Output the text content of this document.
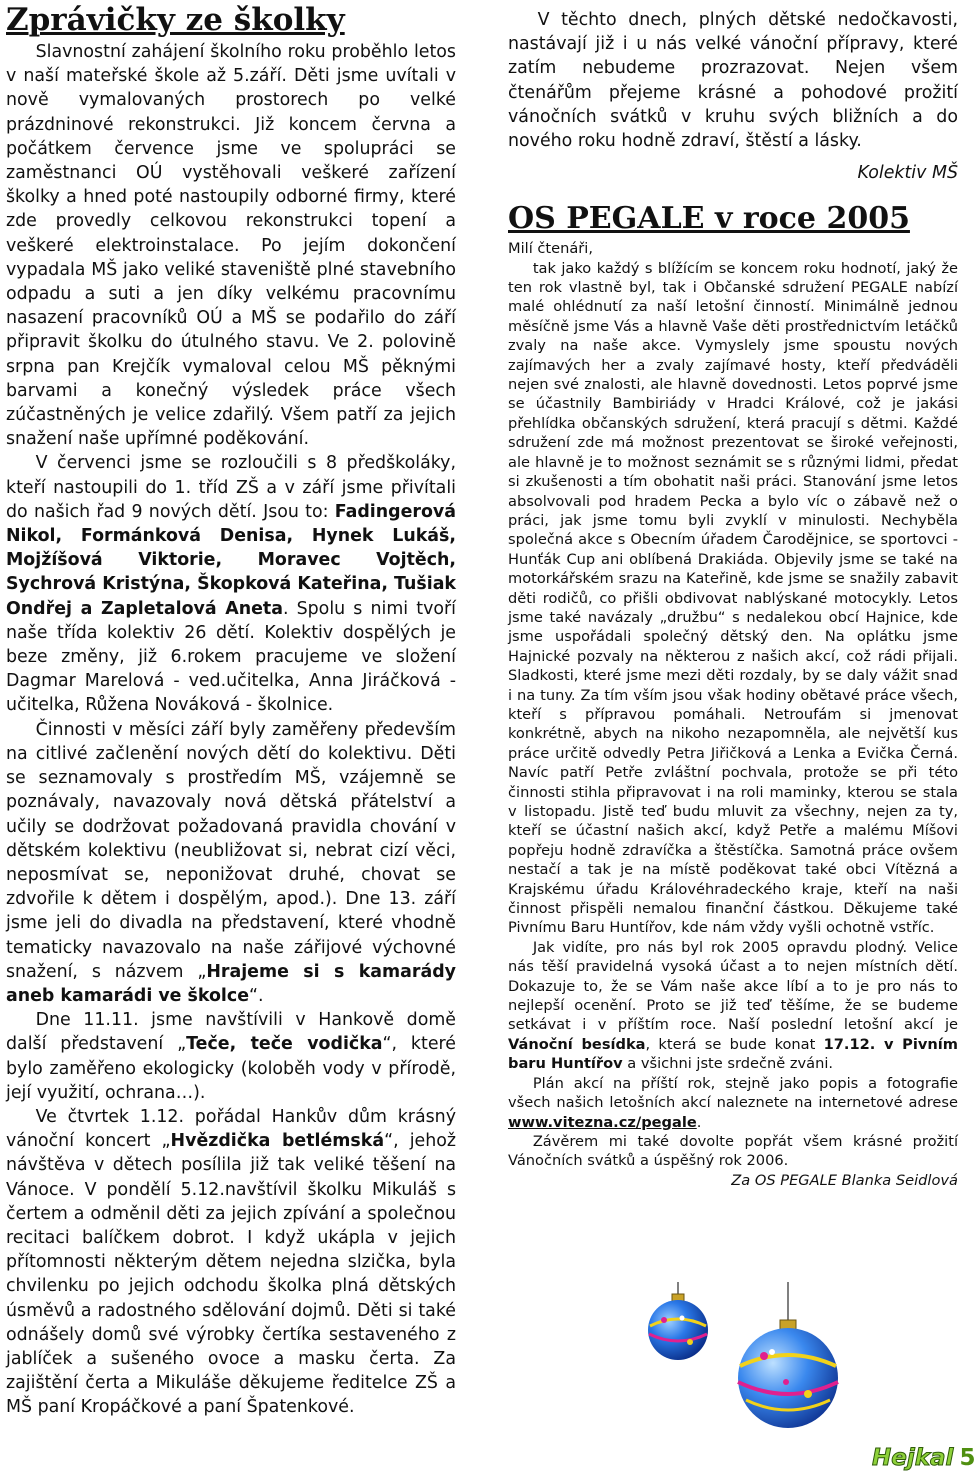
Zprávičky ze školky

Slavnostní zahájení školního roku proběhlo letos v naší mateřské škole až 5.září. Děti jsme uvítali v nově vymalovaných prostorech po velké prázdninové rekonstrukci. Již koncem června a počátkem července jsme ve spolupráci se zaměstnanci OÚ vystěhovali veškeré zařízení školky a hned poté nastoupily odborné firmy, které zde provedly celkovou rekonstrukci topení a veškeré elektroinstalace. Po jejím dokončení vypadala MŠ jako veliké staveniště plné stavebního odpadu a suti a jen díky velkému pracovnímu nasazení pracovníků OÚ a MŠ se podařilo do září připravit školku do útulného stavu. Ve 2. polovině srpna pan Krejčík vymaloval celou MŠ pěknými barvami a konečný výsledek práce všech zúčastněných je velice zdařilý. Všem patří za jejich snažení naše upřímné poděkování.

V červenci jsme se rozloučili s 8 předškoláky, kteří nastoupili do 1. tříd ZŠ a v září jsme přivítali do našich řad 9 nových dětí. Jsou to: Fadingerová Nikol, Formánková Denisa, Hynek Lukáš, Mojžíšová Viktorie, Moravec Vojtěch, Sychrová Kristýna, Škopková Kateřina, Tušiak Ondřej a Zapletalová Aneta. Spolu s nimi tvoří naše třída kolektiv 26 dětí. Kolektiv dospělých je beze změny, již 6.rokem pracujeme ve složení Dagmar Marelová - ved.učitelka, Anna Jiráčková - učitelka, Růžena Nováková - školnice.

Činnosti v měsíci září byly zaměřeny především na citlivé začlenění nových dětí do kolektivu. Děti se seznamovaly s prostředím MŠ, vzájemně se poznávaly, navazovaly nová dětská přátelství a učily se dodržovat požadovaná pravidla chování v dětském kolektivu (neubližovat si, nebrat cizí věci, neposmívat se, neponižovat druhé, chovat se zdvořile k dětem i dospělým, apod.). Dne 13. září jsme jeli do divadla na představení, které vhodně tematicky navazovalo na naše zářijové výchovné snažení, s názvem „Hrajeme si s kamarády aneb kamarádi ve školce“.

Dne 11.11. jsme navštívili v Hankově domě další představení „Teče, teče vodička“, které bylo zaměřeno ekologicky (koloběh vody v přírodě, její využití, ochrana…).

Ve čtvrtek 1.12. pořádal Hankův dům krásný vánoční koncert „Hvězdička betlémská“, jehož návštěva v dětech posílila již tak veliké těšení na Vánoce. V pondělí 5.12.navštívil školku Mikuláš s čertem a odměnil děti za jejich zpívání a společnou recitaci balíčkem dobrot. I když ukápla v jejich přítomnosti některým dětem nejedna slzička, byla chvilenku po jejich odchodu školka plná dětských úsměvů a radostného sdělování dojmů. Děti si také odnášely domů své výrobky čertíka sestaveného z jablíček a sušeného ovoce a masku čerta. Za zajištění čerta a Mikuláše děkujeme ředitelce ZŠ a MŠ paní Kropáčkové a paní Špatenkové.

V těchto dnech, plných dětské nedočkavosti, nastávají již i u nás velké vánoční přípravy, které zatím nebudeme prozrazovat. Nejen všem čtenářům přejeme krásné a pohodové prožití vánočních svátků v kruhu svých bližních a do nového roku hodně zdraví, štěstí a lásky.

Kolektiv MŠ

OS PEGALE v roce 2005

Milí čtenáři,

tak jako každý s blížícím se koncem roku hodnotí, jaký že ten rok vlastně byl, tak i Občanské sdružení PEGALE nabízí malé ohlédnutí za naší letošní činností. Minimálně jednou měsíčně jsme Vás a hlavně Vaše děti prostřednictvím letáčků zvaly na naše akce. Vymyslely jsme spoustu nových zajímavých her a zvaly zajímavé hosty, kteří předváděli nejen své znalosti, ale hlavně dovednosti. Letos poprvé jsme se účastnily Bambiriády v Hradci Králové, což je jakási přehlídka občanských sdružení, která pracují s dětmi. Každé sdružení zde má možnost prezentovat se široké veřejnosti, ale hlavně je to možnost seznámit se s různými lidmi, předat si zkušenosti a tím obohatit naši práci. Stanování jsme letos absolvovali pod hradem Pecka a bylo víc o zábavě než o práci, jak jsme tomu byli zvyklí v minulosti. Nechyběla společná akce s Obecním úřadem Čarodějnice, se sportovci - Hunťák Cup ani oblíbená Drakiáda. Objevily jsme se také na motorkářském srazu na Kateřině, kde jsme se snažily zabavit děti rodičů, co přišli obdivovat nablýskané motocykly. Letos jsme také navázaly „družbu“ s nedalekou obcí Hajnice, kde jsme uspořádali společný dětský den. Na oplátku jsme Hajnické pozvaly na některou z našich akcí, což rádi přijali. Sladkosti, které jsme mezi děti rozdaly, by se daly vážit snad i na tuny. Za tím vším jsou však hodiny obětavé práce všech, kteří s přípravou pomáhali. Netroufám si jmenovat konkrétně, abych na nikoho nezapomněla, ale největší kus práce určitě odvedly Petra Jiřičková a Lenka a Evička Černá. Navíc patří Petře zvláštní pochvala, protože se při této činnosti stihla připravovat i na roli maminky, kterou se stala v listopadu. Jistě teď budu mluvit za všechny, nejen za ty, kteří se účastní našich akcí, když Petře a malému Míšovi popřeju hodně zdravíčka a štěstíčka. Samotná práce ovšem nestačí a tak je na místě poděkovat také obci Vítězná a Krajskému úřadu Královéhradeckého kraje, kteří na naši činnost přispěli nemalou finanční částkou. Děkujeme také Pivnímu Baru Huntířov, kde nám vždy vyšli ochotně vstříc.

Jak vidíte, pro nás byl rok 2005 opravdu plodný. Velice nás těší pravidelná vysoká účast a to nejen místních dětí. Dokazuje to, že se Vám naše akce líbí a to je pro nás to nejlepší ocenění. Proto se již teď těšíme, že se budeme setkávat i v příštím roce. Naší poslední letošní akcí je Vánoční besídka, která se bude konat 17.12. v Pivním baru Huntířov a všichni jste srdečně zváni.

Plán akcí na příští rok, stejně jako popis a fotografie všech našich letošních akcí naleznete na internetové adrese www.vitezna.cz/pegale.

Závěrem mi také dovolte popřát všem krásné prožití Vánočních svátků a úspěšný rok 2006.

Za OS PEGALE Blanka Seidlová

Hejkal 5
